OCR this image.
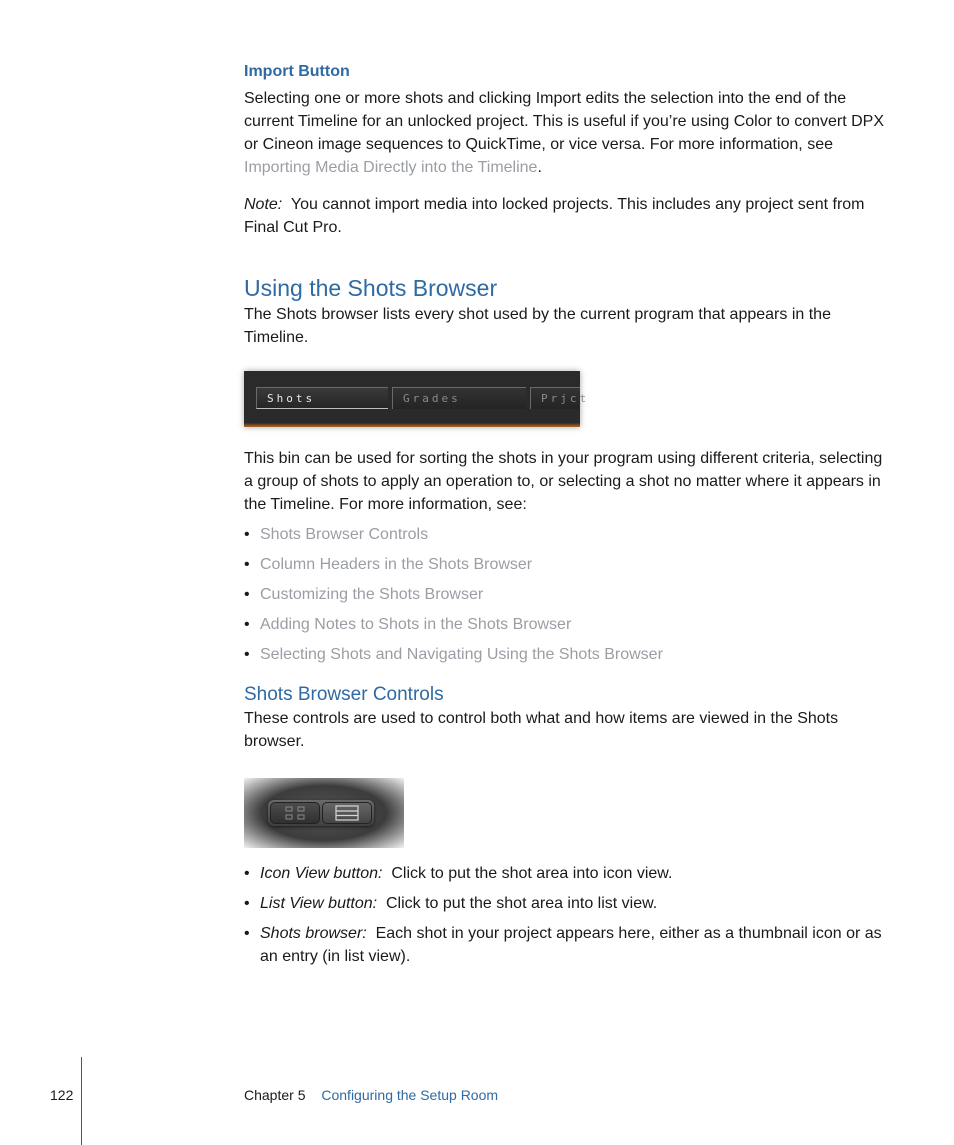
Import Button

Selecting one or more shots and clicking Import edits the selection into the end of the current Timeline for an unlocked project. This is useful if you’re using Color to convert DPX or Cineon image sequences to QuickTime, or vice versa. For more information, see Importing Media Directly into the Timeline.

Note: You cannot import media into locked projects. This includes any project sent from Final Cut Pro.

Using the Shots Browser

The Shots browser lists every shot used by the current program that appears in the Timeline.

Shots	Grades	Prjct

This bin can be used for sorting the shots in your program using different criteria, selecting a group of shots to apply an operation to, or selecting a shot no matter where it appears in the Timeline. For more information, see:

• Shots Browser Controls
• Column Headers in the Shots Browser
• Customizing the Shots Browser
• Adding Notes to Shots in the Shots Browser
• Selecting Shots and Navigating Using the Shots Browser
Shots Browser Controls

These controls are used to control both what and how items are viewed in the Shots browser.

• Icon View button: Click to put the shot area into icon view.
• List View button: Click to put the shot area into list view.
• Shots browser: Each shot in your project appears here, either as a thumbnail icon or as an entry (in list view).
122	Chapter 5 Configuring the Setup Room
